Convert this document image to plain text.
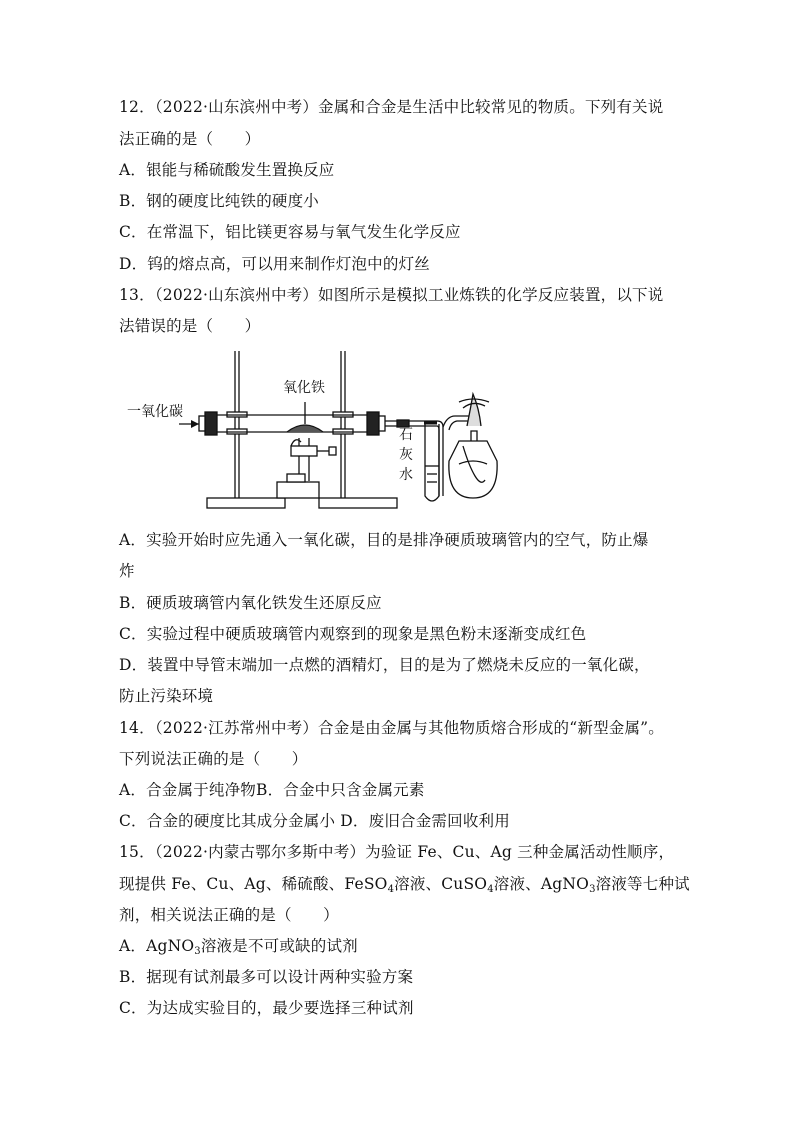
12．（2022·山东滨州中考）金属和合金是生活中比较常见的物质。下列有关说
法正确的是（　　）
A．银能与稀硫酸发生置换反应
B．钢的硬度比纯铁的硬度小
C．在常温下，铝比镁更容易与氧气发生化学反应
D．钨的熔点高，可以用来制作灯泡中的灯丝
13．（2022·山东滨州中考）如图所示是模拟工业炼铁的化学反应装置，以下说
法错误的是（　　）
一氧化碳
氧化铁
石
灰
水
A．实验开始时应先通入一氧化碳，目的是排净硬质玻璃管内的空气，防止爆
炸
B．硬质玻璃管内氧化铁发生还原反应
C．实验过程中硬质玻璃管内观察到的现象是黑色粉末逐渐变成红色
D．装置中导管末端加一点燃的酒精灯，目的是为了燃烧未反应的一氧化碳，
防止污染环境
14．（2022·江苏常州中考）合金是由金属与其他物质熔合形成的“新型金属”。
下列说法正确的是（　　）
A．合金属于纯净物B．合金中只含金属元素
C．合金的硬度比其成分金属小 D．废旧合金需回收利用
15．（2022·内蒙古鄂尔多斯中考）为验证 Fe、Cu、Ag 三种金属活动性顺序，
现提供 Fe、Cu、Ag、稀硫酸、FeSO$_4$溶液、CuSO$_4$溶液、AgNO$_3$溶液等七种试
剂，相关说法正确的是（　　）
A．AgNO$_3$溶液是不可或缺的试剂
B．据现有试剂最多可以设计两种实验方案
C．为达成实验目的，最少要选择三种试剂
